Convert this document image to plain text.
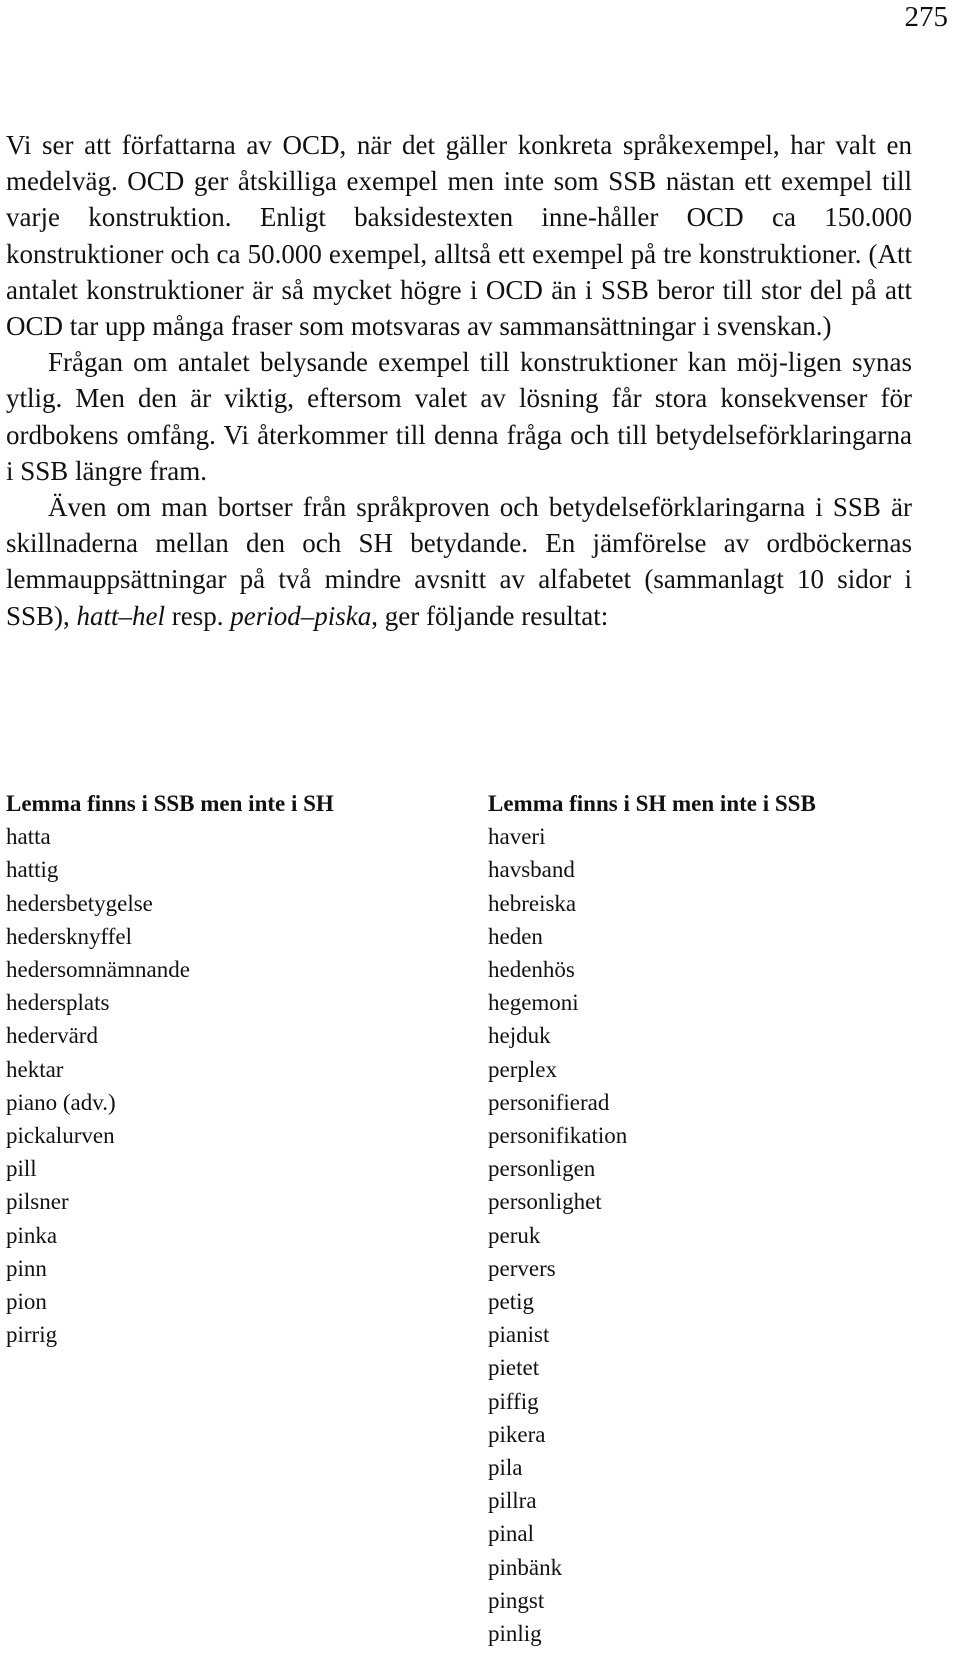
275

Vi ser att författarna av OCD, när det gäller konkreta språkexempel, har valt en medelväg. OCD ger åtskilliga exempel men inte som SSB nästan ett exempel till varje konstruktion. Enligt baksidestexten inne-håller OCD ca 150.000 konstruktioner och ca 50.000 exempel, alltså ett exempel på tre konstruktioner. (Att antalet konstruktioner är så mycket högre i OCD än i SSB beror till stor del på att OCD tar upp många fraser som motsvaras av sammansättningar i svenskan.)

Frågan om antalet belysande exempel till konstruktioner kan möj-ligen synas ytlig. Men den är viktig, eftersom valet av lösning får stora konsekvenser för ordbokens omfång. Vi återkommer till denna fråga och till betydelseförklaringarna i SSB längre fram.

Även om man bortser från språkproven och betydelseförklaringarna i SSB är skillnaderna mellan den och SH betydande. En jämförelse av ordböckernas lemmauppsättningar på två mindre avsnitt av alfabetet (sammanlagt 10 sidor i SSB), hatt–hel resp. period–piska, ger följande resultat:

Lemma finns i SSB men inte i SH

hatta
hattig
hedersbetygelse
hedersknyffel
hedersomnämnande
hedersplats
hedervärd
hektar
piano (adv.)
pickalurven
pill
pilsner
pinka
pinn
pion
pirrig

Lemma finns i SH men inte i SSB

haveri
havsband
hebreiska
heden
hedenhös
hegemoni
hejduk
perplex
personifierad
personifikation
personligen
personlighet
peruk
pervers
petig
pianist
pietet
piffig
pikera
pila
pillra
pinal
pinbänk
pingst
pinlig
